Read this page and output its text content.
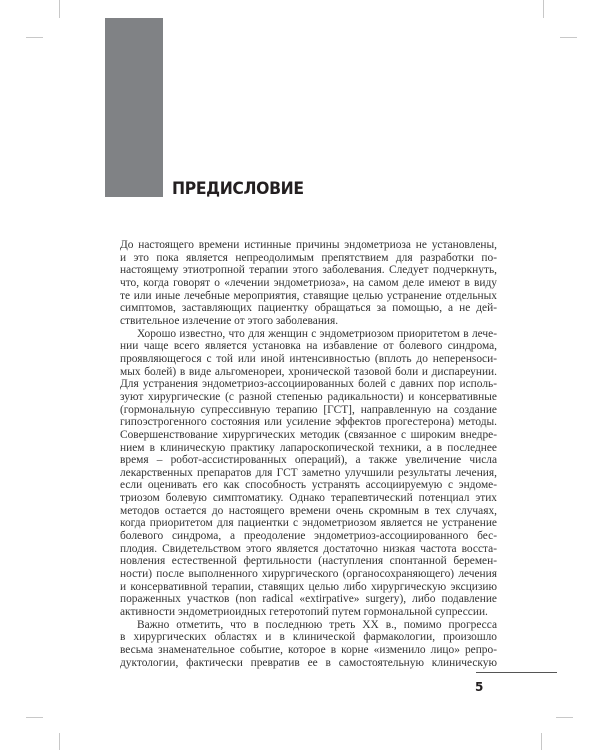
ПРЕДИСЛОВИЕ

До настоящего времени истинные причины эндометриоза не установлены,
и это пока является непреодолимым препятствием для разработки по-
настоящему этиотропной терапии этого заболевания. Следует подчеркнуть,
что, когда говорят о «лечении эндометриоза», на самом деле имеют в виду
те или иные лечебные мероприятия, ставящие целью устранение отдельных
симптомов, заставляющих пациентку обращаться за помощью, а не дей-
ствительное излечение от этого заболевания.

Хорошо известно, что для женщин с эндометриозом приоритетом в лече-
нии чаще всего является установка на избавление от болевого синдрома,
проявляющегося с той или иной интенсивностью (вплоть до неперенsocи-
мых болей) в виде альгоменореи, хронической тазовой боли и диспареунии.
Для устранения эндометриоз-ассоциированных болей с давних пор исполь-
зуют хирургические (с разной степенью радикальности) и консервативные
(гормональную супрессивную терапию [ГСТ], направленную на создание
гипоэстрогенного состояния или усиление эффектов прогестерона) методы.
Совершенствование хирургических методик (связанное с широким внедре-
нием в клиническую практику лапароскопической техники, а в последнее
время – робот-ассистированных операций), а также увеличение числа
лекарственных препаратов для ГСТ заметно улучшили результаты лечения,
если оценивать его как способность устранять ассоциируемую с эндоме-
триозом болевую симптоматику. Однако терапевтический потенциал этих
методов остается до настоящего времени очень скромным в тех случаях,
когда приоритетом для пациентки с эндометриозом является не устранение
болевого синдрома, а преодоление эндометриоз-ассоциированного бес-
плодия. Свидетельством этого является достаточно низкая частота восста-
новления естественной фертильности (наступления спонтанной беремен-
ности) после выполненного хирургического (органосохраняющего) лечения
и консервативной терапии, ставящих целью либо хирургическую эксцизию
пораженных участков (non radical «extirpative» surgery), либо подавление
активности эндометриоидных гетеротопий путем гормональной супрессии.

Важно отметить, что в последнюю треть XX в., помимо прогресса
в хирургических областях и в клинической фармакологии, произошло
весьма знаменательное событие, которое в корне «изменило лицо» репро-
дуктологии, фактически превратив ее в самостоятельную клиническую

5
